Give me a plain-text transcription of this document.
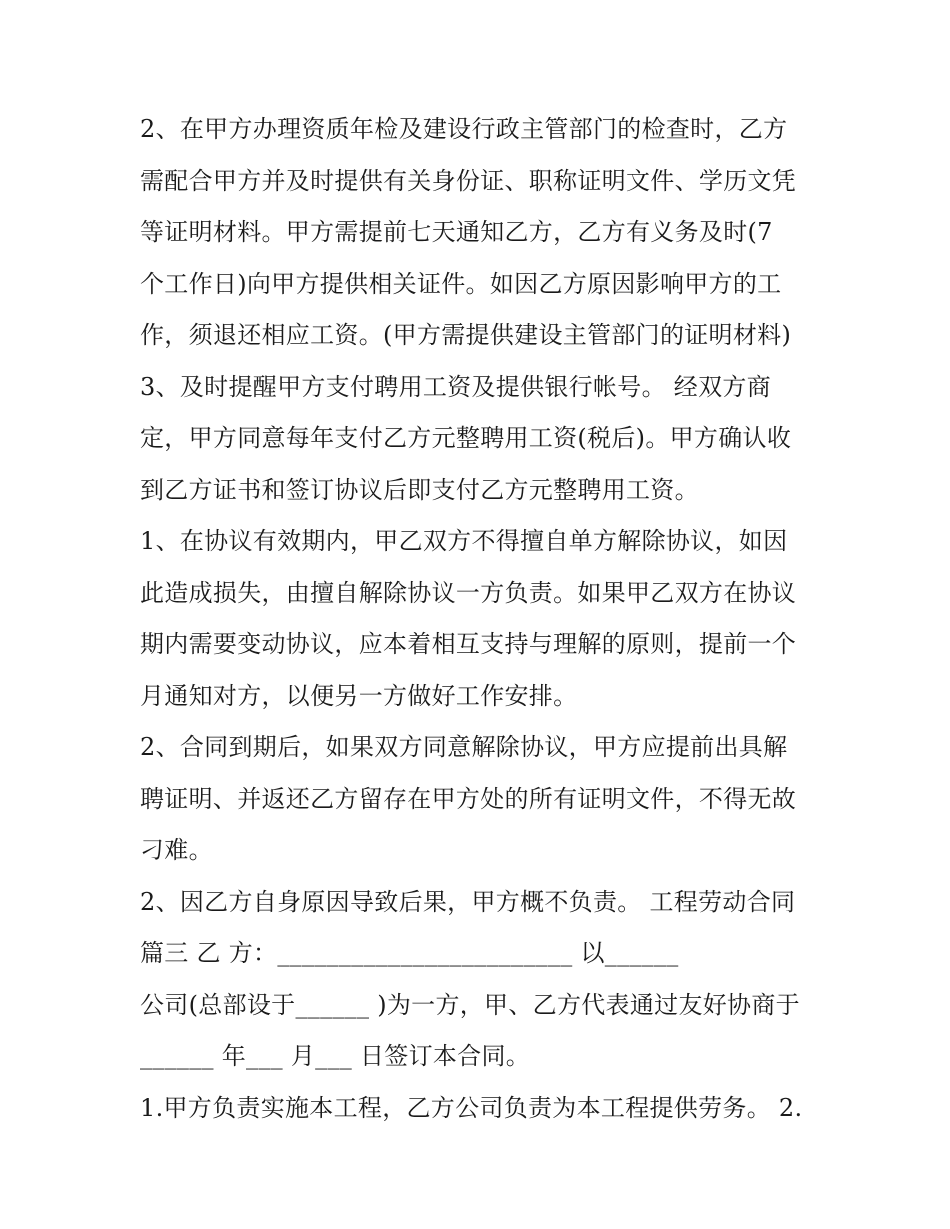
2、在甲方办理资质年检及建设行政主管部门的检查时，乙方
需配合甲方并及时提供有关身份证、职称证明文件、学历文凭
等证明材料。甲方需提前七天通知乙方，乙方有义务及时(7
个工作日)向甲方提供相关证件。如因乙方原因影响甲方的工
作，须退还相应工资。(甲方需提供建设主管部门的证明材料)
3、及时提醒甲方支付聘用工资及提供银行帐号。 经双方商
定，甲方同意每年支付乙方元整聘用工资(税后)。甲方确认收
到乙方证书和签订协议后即支付乙方元整聘用工资。
1、在协议有效期内，甲乙双方不得擅自单方解除协议，如因
此造成损失，由擅自解除协议一方负责。如果甲乙双方在协议
期内需要变动协议，应本着相互支持与理解的原则，提前一个
月通知对方，以便另一方做好工作安排。
2、合同到期后，如果双方同意解除协议，甲方应提前出具解
聘证明、并返还乙方留存在甲方处的所有证明文件，不得无故
刁难。
2、因乙方自身原因导致后果，甲方概不负责。 工程劳动合同
篇三 乙 方：________________________ 以______
公司(总部设于______ )为一方，甲、乙方代表通过友好协商于
______ 年___ 月___ 日签订本合同。
1.甲方负责实施本工程，乙方公司负责为本工程提供劳务。 2.
